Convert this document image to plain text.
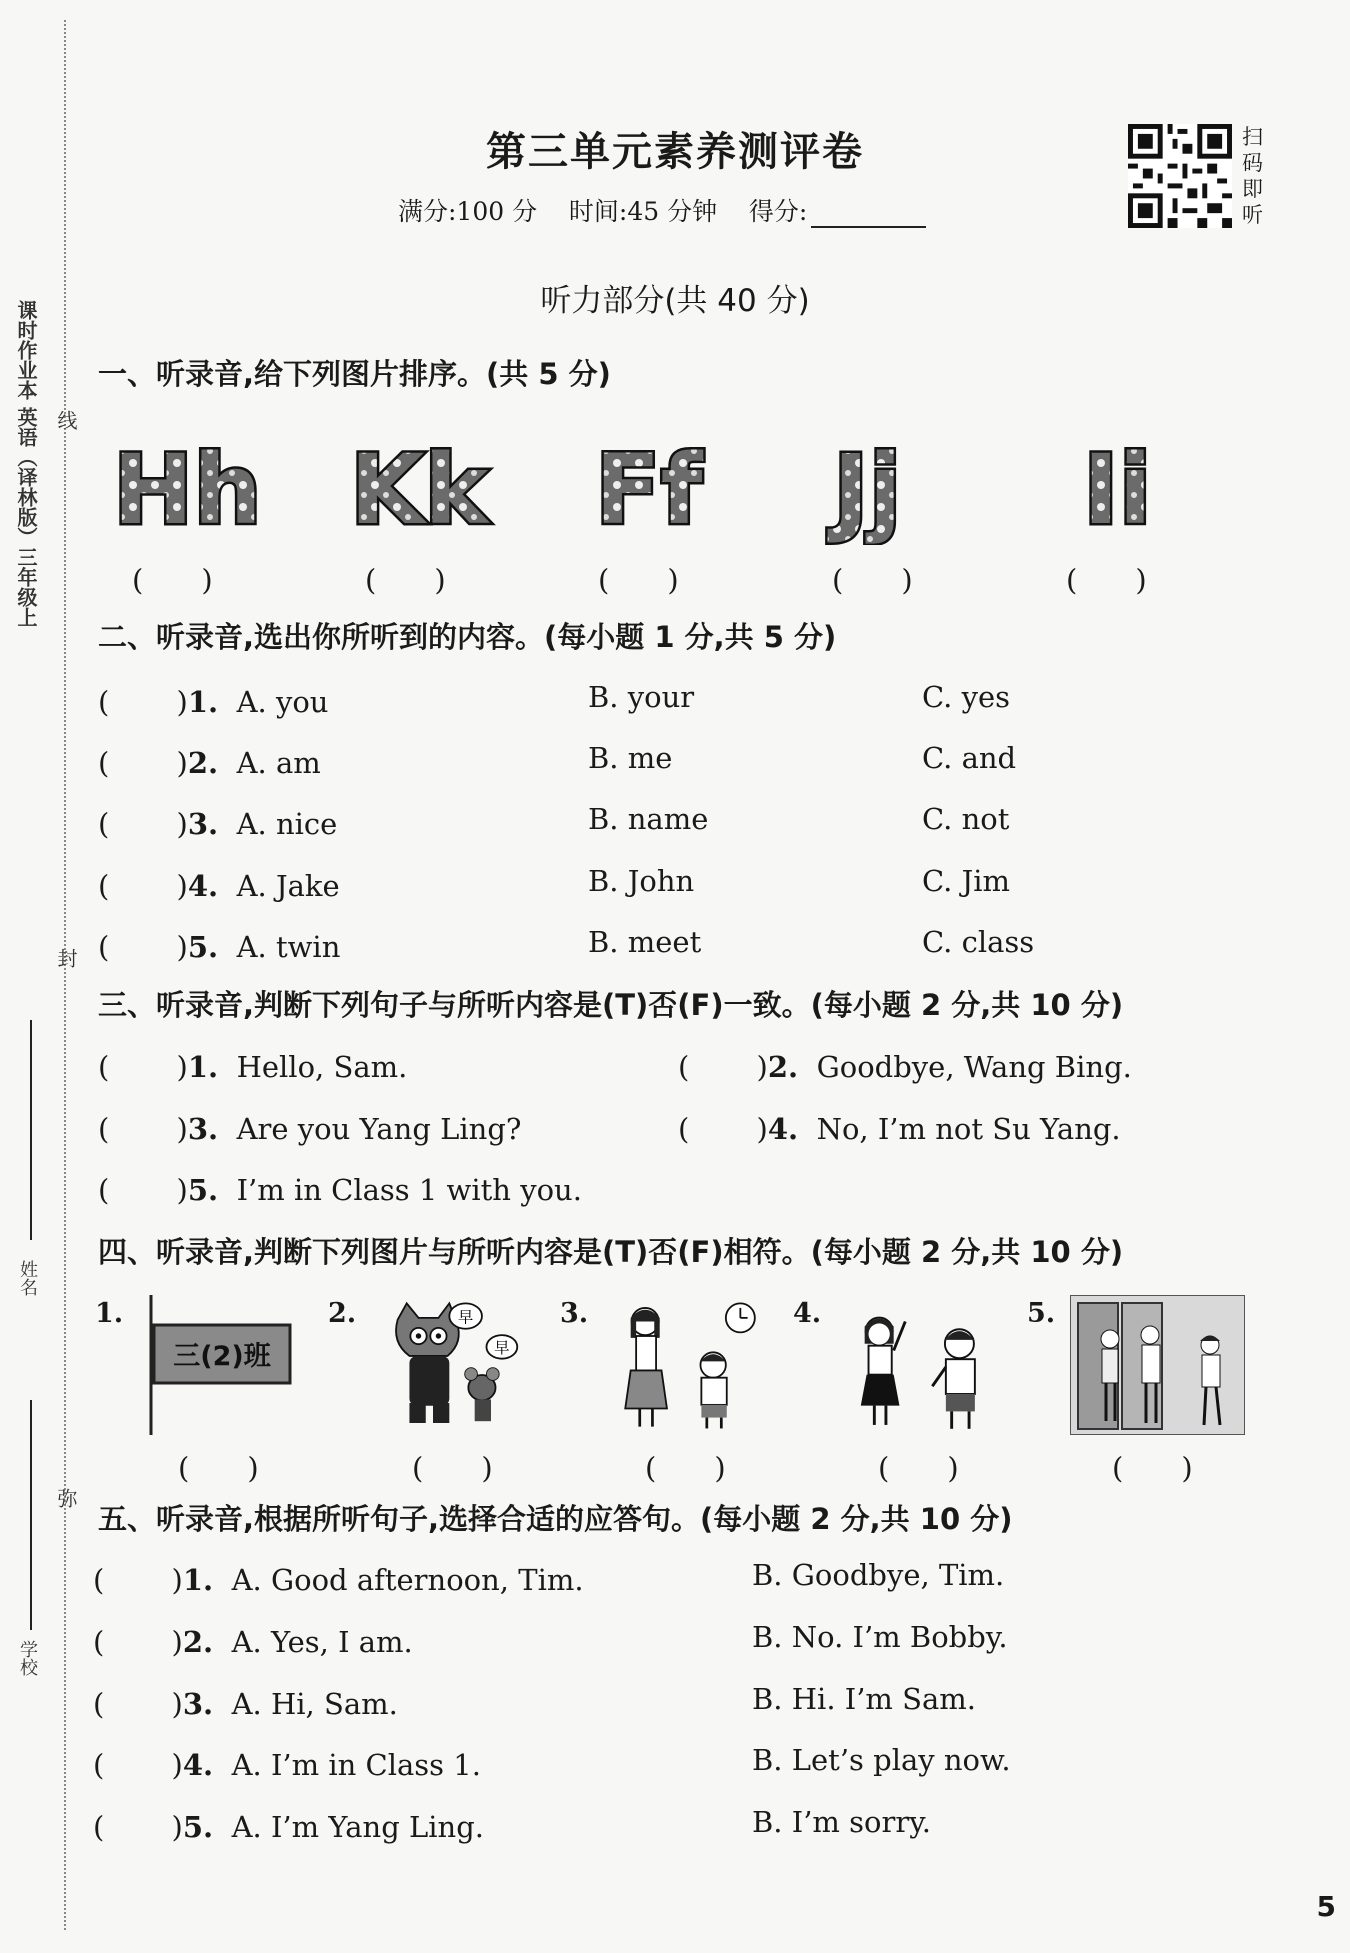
课时作业本 英语（译林版）三年级上 线
封
弥
姓名
学校
第三单元素养测评卷
满分:100 分 时间:45 分钟 得分:
扫码即听
听力部分(共 40 分)
一、听录音,给下列图片排序。(共 5 分)
Hh Kk Ff Jj Ii
(　　)	(　　)	(　　)	(　　)	(　　)
二、听录音,选出你所听到的内容。(每小题 1 分,共 5 分)
(　　 )1. A. you	B. your	C. yes
(　　 )2. A. am	B. me	C. and
(　　 )3. A. nice	B. name	C. not
(　　 )4. A. Jake	B. John	C. Jim
(　　 )5. A. twin	B. meet	C. class
三、听录音,判断下列句子与所听内容是(T)否(F)一致。(每小题 2 分,共 10 分)
(　　 )1. Hello, Sam.	(　　 )2. Goodbye, Wang Bing.
(　　 )3. Are you Yang Ling?	(　　 )4. No, I’m not Su Yang.
(　　 )5. I’m in Class 1 with you.
四、听录音,判断下列图片与所听内容是(T)否(F)相符。(每小题 2 分,共 10 分)
1.	2.	3.	4.	5.
三(2)班
早
早
(　　)	(　　)	(　　)	(　　)	(　　)
五、听录音,根据所听句子,选择合适的应答句。(每小题 2 分,共 10 分)
(　　 )1. A. Good afternoon, Tim.	B. Goodbye, Tim.
(　　 )2. A. Yes, I am.	B. No. I’m Bobby.
(　　 )3. A. Hi, Sam.	B. Hi. I’m Sam.
(　　 )4. A. I’m in Class 1.	B. Let’s play now.
(　　 )5. A. I’m Yang Ling.	B. I’m sorry.
5
